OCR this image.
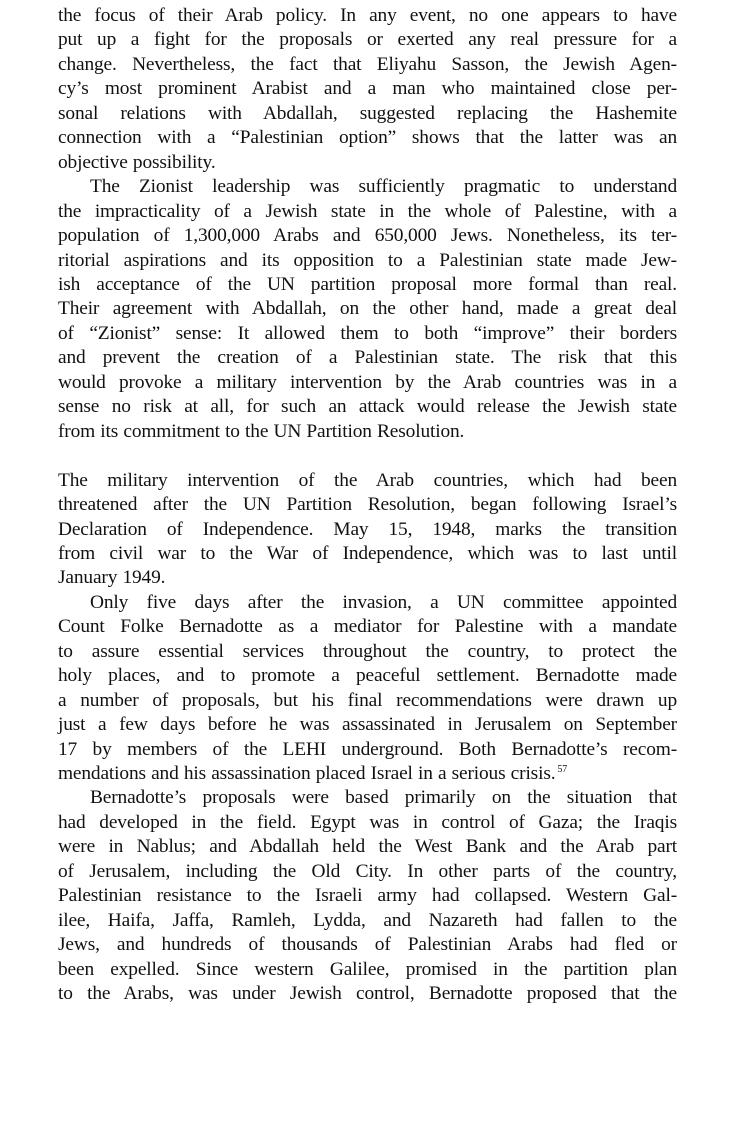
the focus of their Arab policy. In any event, no one appears to have
put up a fight for the proposals or exerted any real pressure for a
change. Nevertheless, the fact that Eliyahu Sasson, the Jewish Agen-
cy’s most prominent Arabist and a man who maintained close per-
sonal relations with Abdallah, suggested replacing the Hashemite
connection with a “Palestinian option” shows that the latter was an
objective possibility.

The Zionist leadership was sufficiently pragmatic to understand
the impracticality of a Jewish state in the whole of Palestine, with a
population of 1,300,000 Arabs and 650,000 Jews. Nonetheless, its ter-
ritorial aspirations and its opposition to a Palestinian state made Jew-
ish acceptance of the UN partition proposal more formal than real.
Their agreement with Abdallah, on the other hand, made a great deal
of “Zionist” sense: It allowed them to both “improve” their borders
and prevent the creation of a Palestinian state. The risk that this
would provoke a military intervention by the Arab countries was in a
sense no risk at all, for such an attack would release the Jewish state
from its commitment to the UN Partition Resolution.

The military intervention of the Arab countries, which had been
threatened after the UN Partition Resolution, began following Israel’s
Declaration of Independence. May 15, 1948, marks the transition
from civil war to the War of Independence, which was to last until
January 1949.

Only five days after the invasion, a UN committee appointed
Count Folke Bernadotte as a mediator for Palestine with a mandate
to assure essential services throughout the country, to protect the
holy places, and to promote a peaceful settlement. Bernadotte made
a number of proposals, but his final recommendations were drawn up
just a few days before he was assassinated in Jerusalem on September
17 by members of the LEHI underground. Both Bernadotte’s recom-
mendations and his assassination placed Israel in a serious crisis. $^{57}$

Bernadotte’s proposals were based primarily on the situation that
had developed in the field. Egypt was in control of Gaza; the Iraqis
were in Nablus; and Abdallah held the West Bank and the Arab part
of Jerusalem, including the Old City. In other parts of the country,
Palestinian resistance to the Israeli army had collapsed. Western Gal-
ilee, Haifa, Jaffa, Ramleh, Lydda, and Nazareth had fallen to the
Jews, and hundreds of thousands of Palestinian Arabs had fled or
been expelled. Since western Galilee, promised in the partition plan
to the Arabs, was under Jewish control, Bernadotte proposed that the
